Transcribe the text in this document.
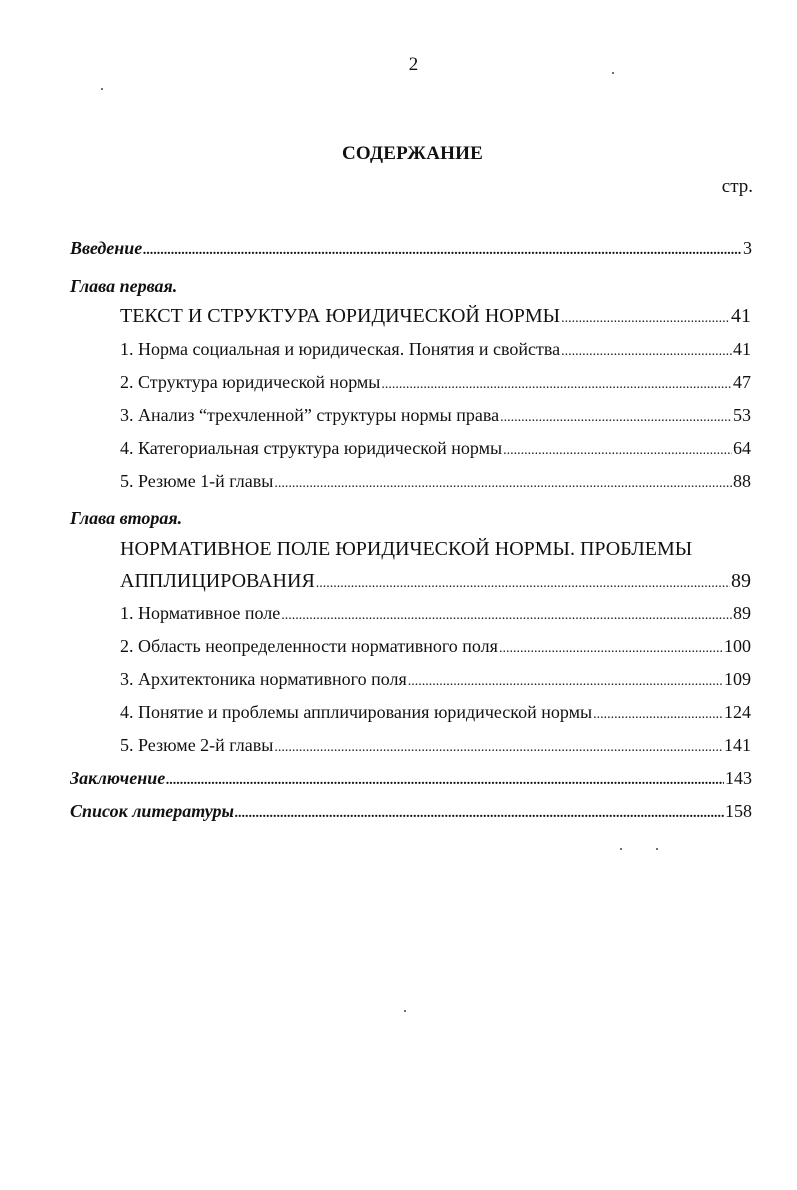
2
СОДЕРЖАНИЕ
стр.
Введение .....	3
Глава первая.
ТЕКСТ И СТРУКТУРА ЮРИДИЧЕСКОЙ НОРМЫ .....	41
1. Норма социальная и юридическая. Понятия и свойства .....	41
2. Структура юридической нормы .....	47
3. Анализ “трехчленной” структуры нормы права .....	53
4. Категориальная структура юридической нормы .....	64
5. Резюме 1-й главы .....	88
Глава вторая.
НОРМАТИВНОЕ ПОЛЕ ЮРИДИЧЕСКОЙ НОРМЫ. ПРОБЛЕМЫ
АППЛИЦИРОВАНИЯ .....	89
1. Нормативное поле .....	89
2. Область неопределенности нормативного поля .....	100
3. Архитектоника нормативного поля .....	109
4. Понятие и проблемы аппличирования юридической нормы .....	124
5. Резюме 2-й главы .....	141
Заключение .....	143
Список литературы .....	158
